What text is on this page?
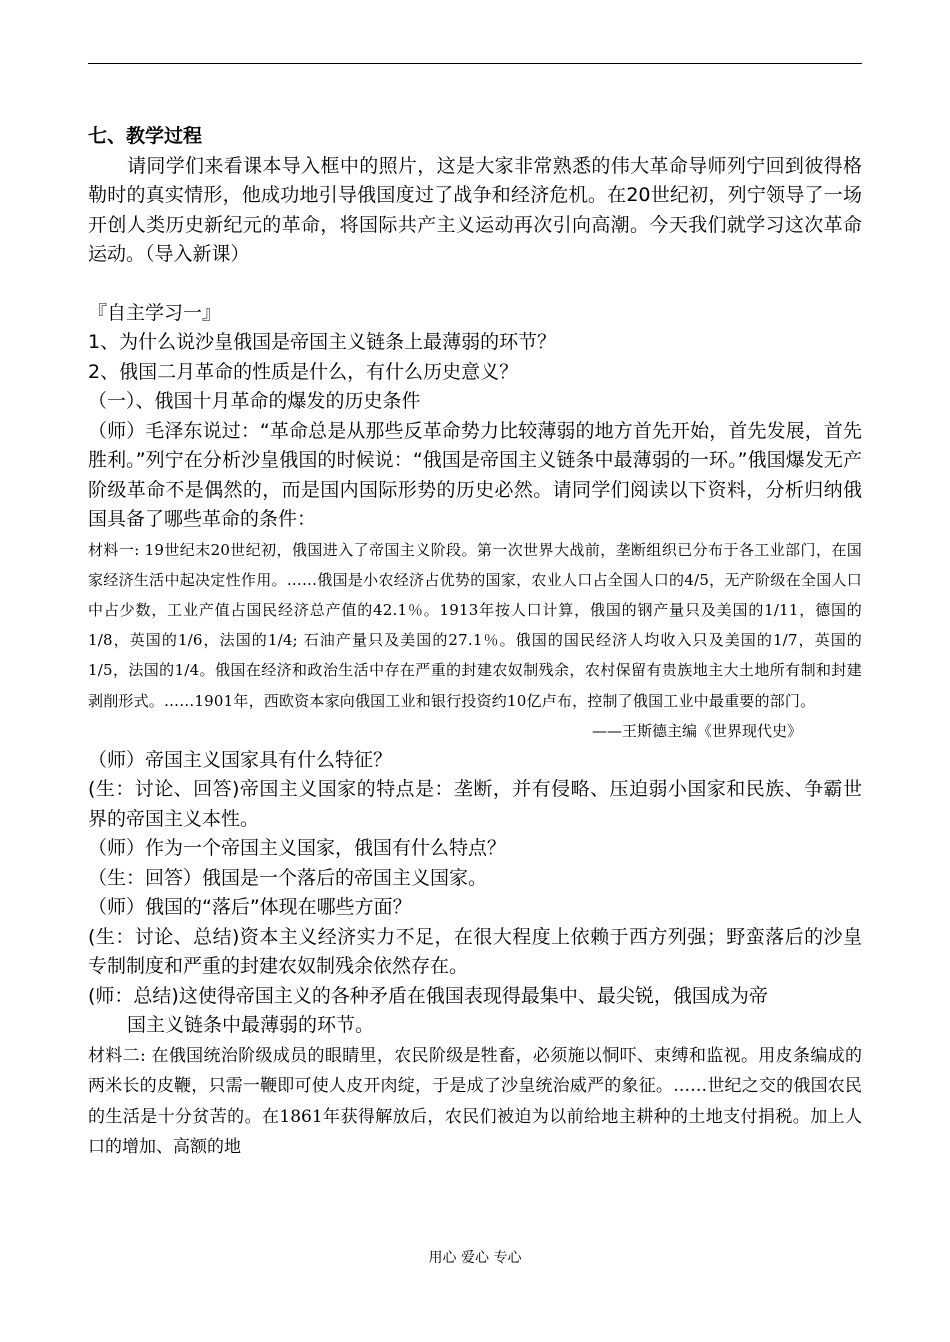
七、教学过程

请同学们来看课本导入框中的照片，这是大家非常熟悉的伟大革命导师列宁回到彼得格勒时的真实情形，他成功地引导俄国度过了战争和经济危机。在20世纪初，列宁领导了一场开创人类历史新纪元的革命，将国际共产主义运动再次引向高潮。今天我们就学习这次革命运动。（导入新课）

『自主学习一』

1、为什么说沙皇俄国是帝国主义链条上最薄弱的环节？

2、俄国二月革命的性质是什么，有什么历史意义？

（一）、俄国十月革命的爆发的历史条件

（师）毛泽东说过：“革命总是从那些反革命势力比较薄弱的地方首先开始，首先发展，首先胜利。”列宁在分析沙皇俄国的时候说：“俄国是帝国主义链条中最薄弱的一环。”俄国爆发无产阶级革命不是偶然的，而是国内国际形势的历史必然。请同学们阅读以下资料，分析归纳俄国具备了哪些革命的条件：

材料一: 19世纪末20世纪初，俄国进入了帝国主义阶段。第一次世界大战前，垄断组织已分布于各工业部门，在国家经济生活中起决定性作用。……俄国是小农经济占优势的国家，农业人口占全国人口的4/5，无产阶级在全国人口中占少数，工业产值占国民经济总产值的42.1％。1913年按人口计算，俄国的钢产量只及美国的1/11，德国的1/8，英国的1/6，法国的1/4; 石油产量只及美国的27.1％。俄国的国民经济人均收入只及美国的1/7，英国的1/5，法国的1/4。俄国在经济和政治生活中存在严重的封建农奴制残余，农村保留有贵族地主大土地所有制和封建剥削形式。……1901年，西欧资本家向俄国工业和银行投资约10亿卢布，控制了俄国工业中最重要的部门。

——王斯德主编《世界现代史》

（师）帝国主义国家具有什么特征？

(生：讨论、回答)帝国主义国家的特点是：垄断，并有侵略、压迫弱小国家和民族、争霸世界的帝国主义本性。

（师）作为一个帝国主义国家，俄国有什么特点？

（生：回答）俄国是一个落后的帝国主义国家。

（师）俄国的“落后”体现在哪些方面？

(生：讨论、总结)资本主义经济实力不足，在很大程度上依赖于西方列强；野蛮落后的沙皇专制制度和严重的封建农奴制残余依然存在。

(师：总结)这使得帝国主义的各种矛盾在俄国表现得最集中、最尖锐，俄国成为帝

国主义链条中最薄弱的环节。

材料二: 在俄国统治阶级成员的眼睛里，农民阶级是牲畜，必须施以恫吓、束缚和监视。用皮条编成的两米长的皮鞭，只需一鞭即可使人皮开肉绽，于是成了沙皇统治威严的象征。……世纪之交的俄国农民的生活是十分贫苦的。在1861年获得解放后，农民们被迫为以前给地主耕种的土地支付捐税。加上人口的增加、高额的地

用心 爱心 专心
